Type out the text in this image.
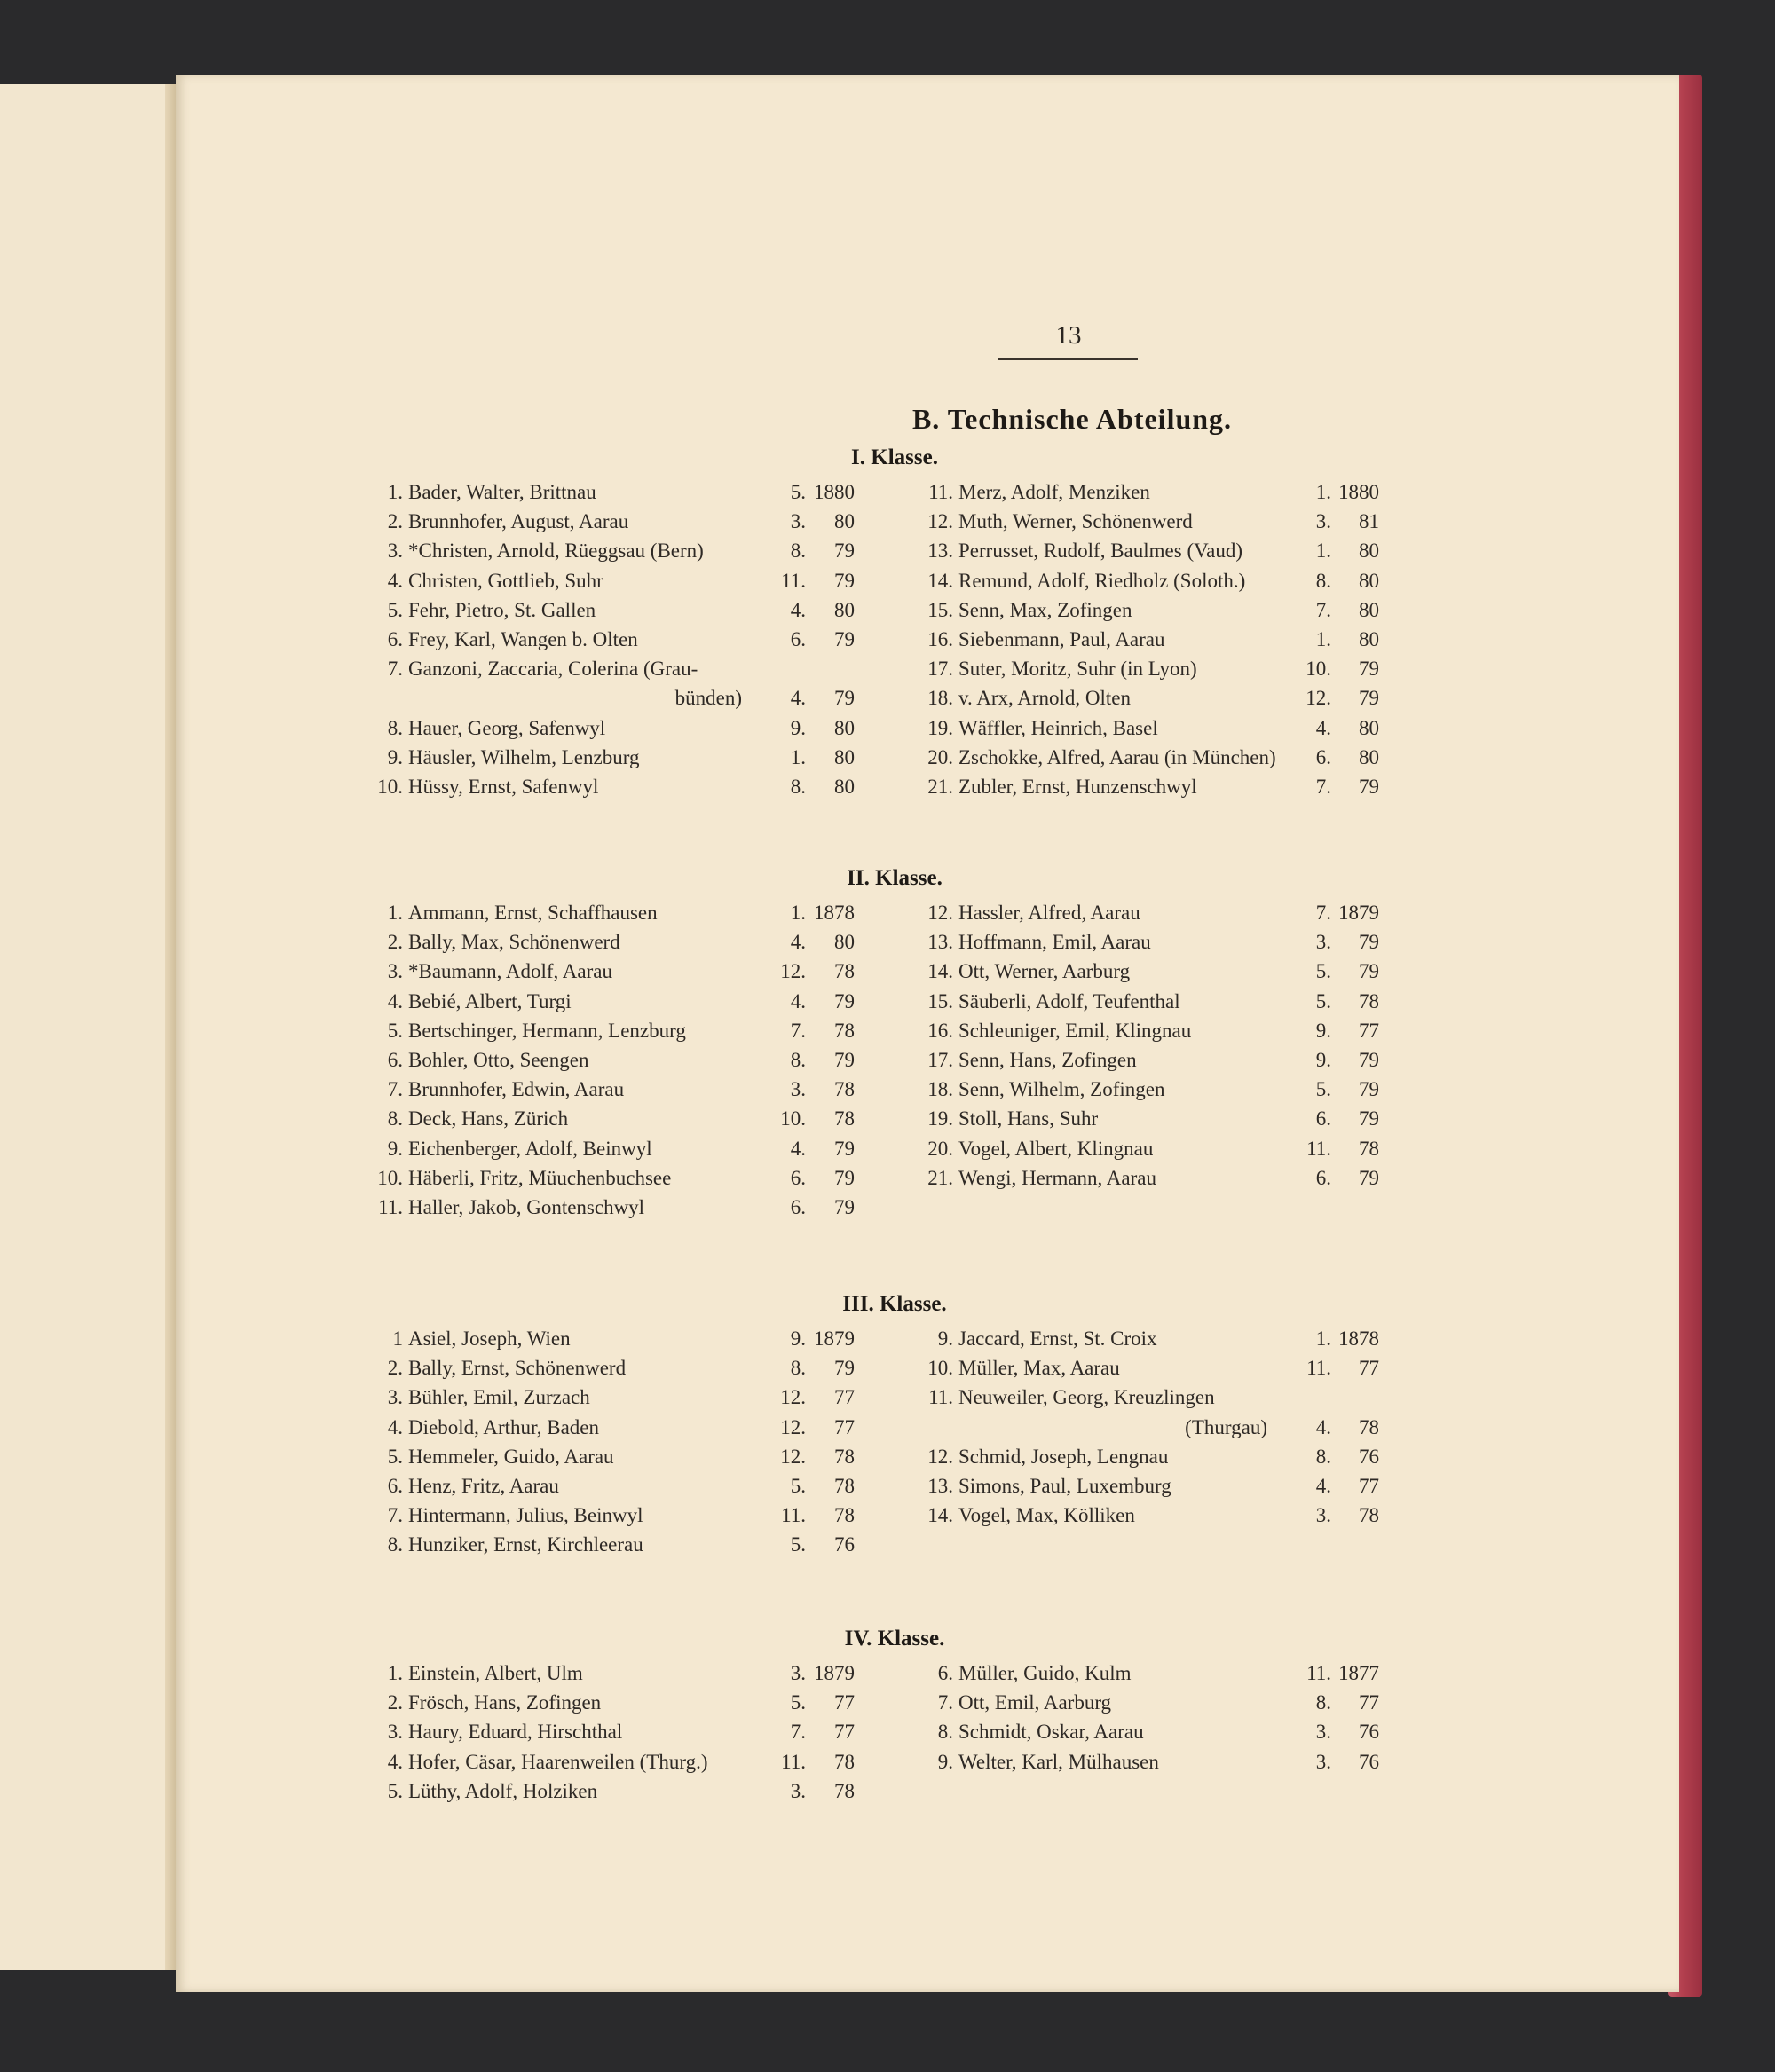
13
B. Technische Abteilung.
I. Klasse.
1. Bader, Walter, Brittnau	5. 1880
2. Brunnhofer, August, Aarau	3.	80
3. *Christen, Arnold, Rüeggsau (Bern)	8.	79
4. Christen, Gottlieb, Suhr	11.	79
5. Fehr, Pietro, St. Gallen	4.	80
6. Frey, Karl, Wangen b. Olten	6.	79
7. Ganzoni, Zaccaria, Colerina (Grau-
bünden)	4.	79
8. Hauer, Georg, Safenwyl	9.	80
9. Häusler, Wilhelm, Lenzburg	1.	80
10. Hüssy, Ernst, Safenwyl	8.	80
11. Merz, Adolf, Menziken	1. 1880
12. Muth, Werner, Schönenwerd	3.	81
13. Perrusset, Rudolf, Baulmes (Vaud)	1.	80
14. Remund, Adolf, Riedholz (Soloth.)	8.	80
15. Senn, Max, Zofingen	7.	80
16. Siebenmann, Paul, Aarau	1.	80
17. Suter, Moritz, Suhr (in Lyon)	10.	79
18. v. Arx, Arnold, Olten	12.	79
19. Wäffler, Heinrich, Basel	4.	80
20. Zschokke, Alfred, Aarau (in München)	6.	80
21. Zubler, Ernst, Hunzenschwyl	7.	79
II. Klasse.
1. Ammann, Ernst, Schaffhausen	1. 1878
2. Bally, Max, Schönenwerd	4.	80
3. *Baumann, Adolf, Aarau	12.	78
4. Bebié, Albert, Turgi	4.	79
5. Bertschinger, Hermann, Lenzburg	7.	78
6. Bohler, Otto, Seengen	8.	79
7. Brunnhofer, Edwin, Aarau	3.	78
8. Deck, Hans, Zürich	10.	78
9. Eichenberger, Adolf, Beinwyl	4.	79
10. Häberli, Fritz, Müuchenbuchsee	6.	79
11. Haller, Jakob, Gontenschwyl	6.	79
12. Hassler, Alfred, Aarau	7. 1879
13. Hoffmann, Emil, Aarau	3.	79
14. Ott, Werner, Aarburg	5.	79
15. Säuberli, Adolf, Teufenthal	5.	78
16. Schleuniger, Emil, Klingnau	9.	77
17. Senn, Hans, Zofingen	9.	79
18. Senn, Wilhelm, Zofingen	5.	79
19. Stoll, Hans, Suhr	6.	79
20. Vogel, Albert, Klingnau	11.	78
21. Wengi, Hermann, Aarau	6.	79
III. Klasse.
1 Asiel, Joseph, Wien	9. 1879
2. Bally, Ernst, Schönenwerd	8.	79
3. Bühler, Emil, Zurzach	12.	77
4. Diebold, Arthur, Baden	12.	77
5. Hemmeler, Guido, Aarau	12.	78
6. Henz, Fritz, Aarau	5.	78
7. Hintermann, Julius, Beinwyl	11.	78
8. Hunziker, Ernst, Kirchleerau	5.	76
9. Jaccard, Ernst, St. Croix	1. 1878
10. Müller, Max, Aarau	11.	77
11. Neuweiler, Georg, Kreuzlingen
(Thurgau)	4.	78
12. Schmid, Joseph, Lengnau	8.	76
13. Simons, Paul, Luxemburg	4.	77
14. Vogel, Max, Kölliken	3.	78
IV. Klasse.
1. Einstein, Albert, Ulm	3. 1879
2. Frösch, Hans, Zofingen	5.	77
3. Haury, Eduard, Hirschthal	7.	77
4. Hofer, Cäsar, Haarenweilen (Thurg.)	11.	78
5. Lüthy, Adolf, Holziken	3.	78
6. Müller, Guido, Kulm	11. 1877
7. Ott, Emil, Aarburg	8.	77
8. Schmidt, Oskar, Aarau	3.	76
9. Welter, Karl, Mülhausen	3.	76
